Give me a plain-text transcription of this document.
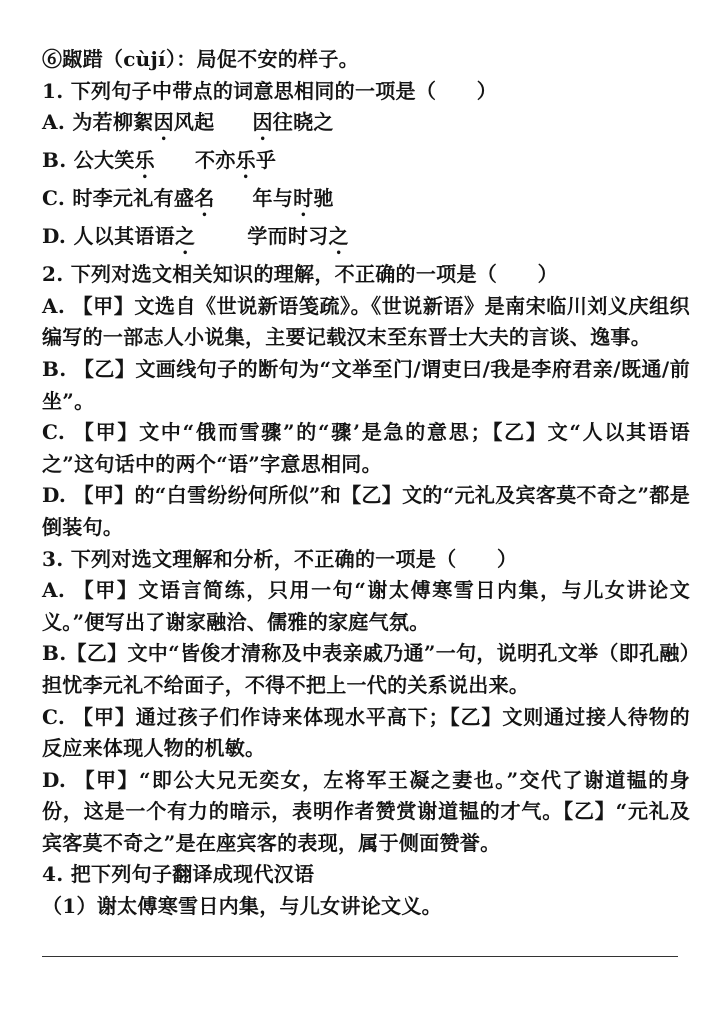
⑥踧踖（cùjí）：局促不安的样子。

1. 下列句子中带点的词意思相同的一项是（　　）

A. 为若柳絮因风起 因往晓之

B. 公大笑乐 不亦乐乎

C. 时李元礼有盛名 年与时驰

D. 人以其语语之	学而时习之

2. 下列对选文相关知识的理解，不正确的一项是（　　）

A. 【甲】文选自《世说新语笺疏》。《世说新语》是南宋临川刘义庆组织编写的一部志人小说集，主要记载汉末至东晋士大夫的言谈、逸事。

B. 【乙】文画线句子的断句为“文举至门/谓吏曰/我是李府君亲/既通/前坐”。

C. 【甲】文中“俄而雪骤”的“骤’是急的意思；【乙】文“人以其语语之”这句话中的两个“语”字意思相同。

D. 【甲】的“白雪纷纷何所似”和【乙】文的“元礼及宾客莫不奇之”都是倒装句。

3. 下列对选文理解和分析，不正确的一项是（　　）

A. 【甲】文语言简练，只用一句“谢太傅寒雪日内集，与儿女讲论文义。”便写出了谢家融洽、儒雅的家庭气氛。

B.【乙】文中“皆俊才清称及中表亲戚乃通”一句，说明孔文举（即孔融）担忧李元礼不给面子，不得不把上一代的关系说出来。

C. 【甲】通过孩子们作诗来体现水平高下；【乙】文则通过接人待物的反应来体现人物的机敏。

D. 【甲】“即公大兄无奕女，左将军王凝之妻也。”交代了谢道韫的身份，这是一个有力的暗示，表明作者赞赏谢道韫的才气。【乙】“元礼及宾客莫不奇之”是在座宾客的表现，属于侧面赞誉。

4. 把下列句子翻译成现代汉语

（1）谢太傅寒雪日内集，与儿女讲论文义。
